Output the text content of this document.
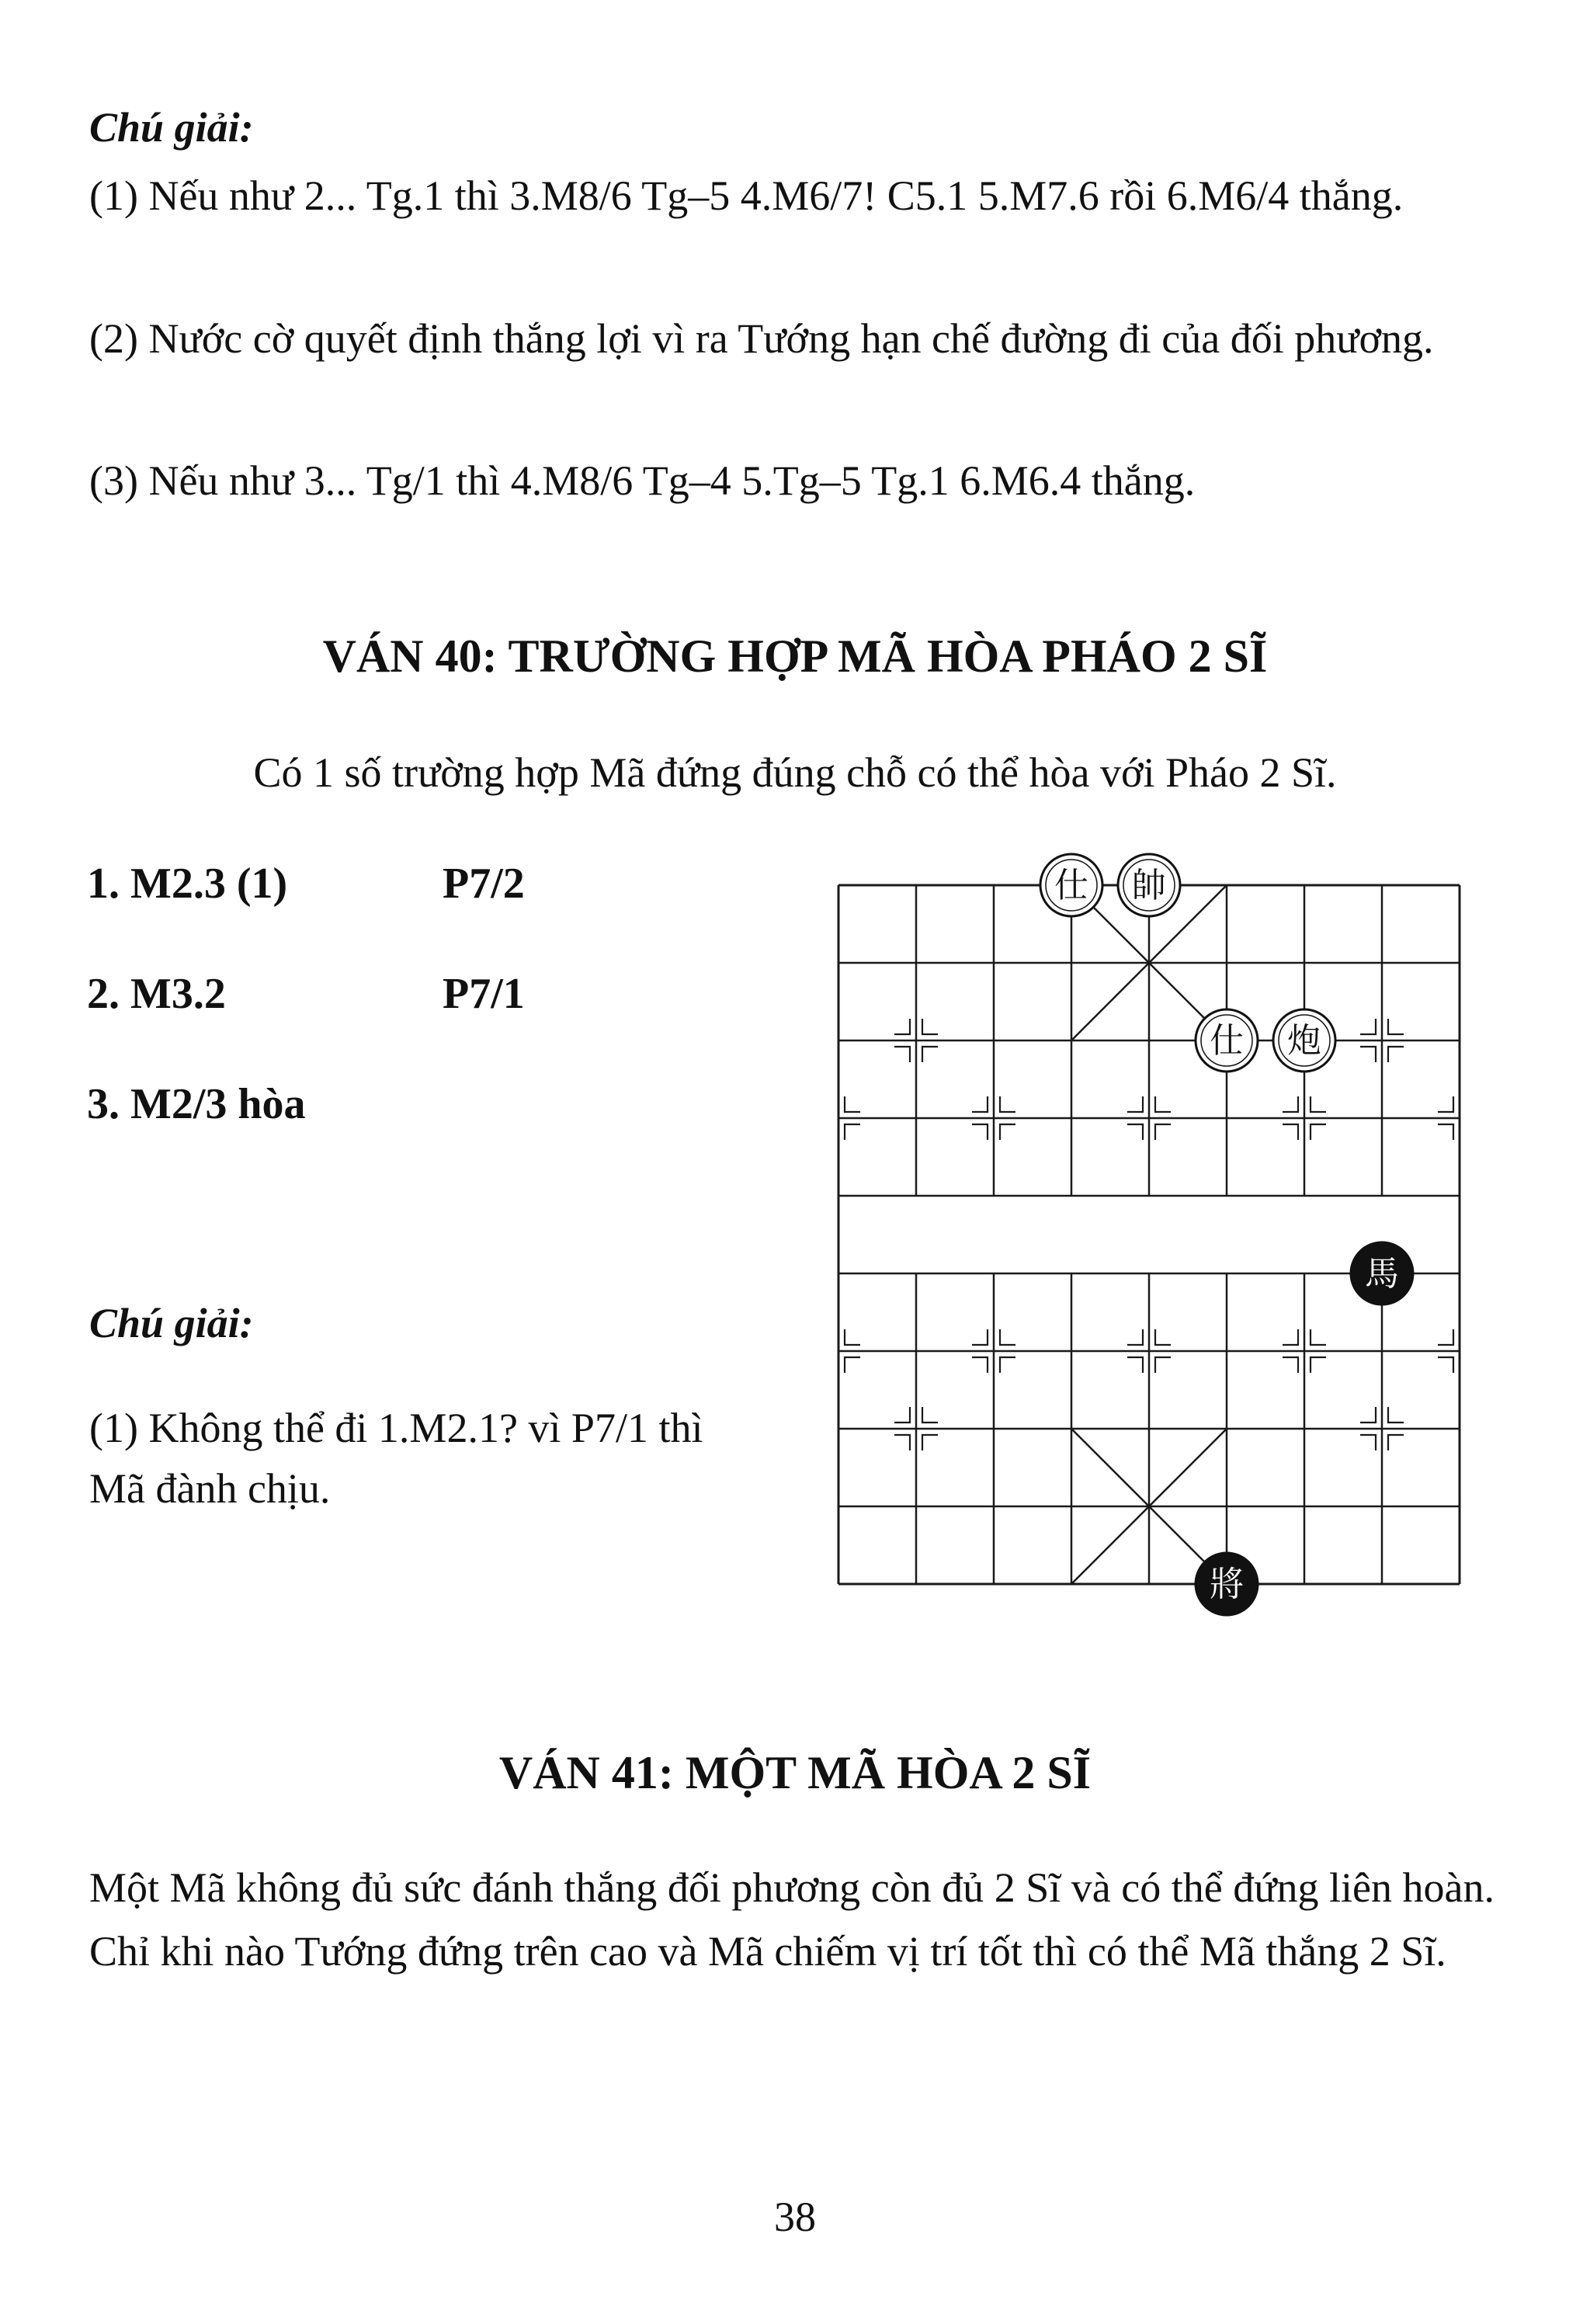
Chú giải:

(1) Nếu như 2... Tg.1 thì 3.M8/6 Tg–5 4.M6/7! C5.1 5.M7.6 rồi 6.M6/4 thắng.

(2) Nước cờ quyết định thắng lợi vì ra Tướng hạn chế đường đi của đối phương.

(3) Nếu như 3... Tg/1 thì 4.M8/6 Tg–4 5.Tg–5 Tg.1 6.M6.4 thắng.

VÁN 40: TRƯỜNG HỢP MÃ HÒA PHÁO 2 SĨ

Có 1 số trường hợp Mã đứng đúng chỗ có thể hòa với Pháo 2 Sĩ.

1. M2.3 (1)	P7/2
2. M3.2	P7/1
3. M2/3 hòa

Chú giải:

(1) Không thể đi 1.M2.1? vì P7/1 thì Mã đành chịu.

仕 帥
仕 炮
馬
將
VÁN 41: MỘT MÃ HÒA 2 SĨ

Một Mã không đủ sức đánh thắng đối phương còn đủ 2 Sĩ và có thể đứng liên hoàn. Chỉ khi nào Tướng đứng trên cao và Mã chiếm vị trí tốt thì có thể Mã thắng 2 Sĩ.

38
